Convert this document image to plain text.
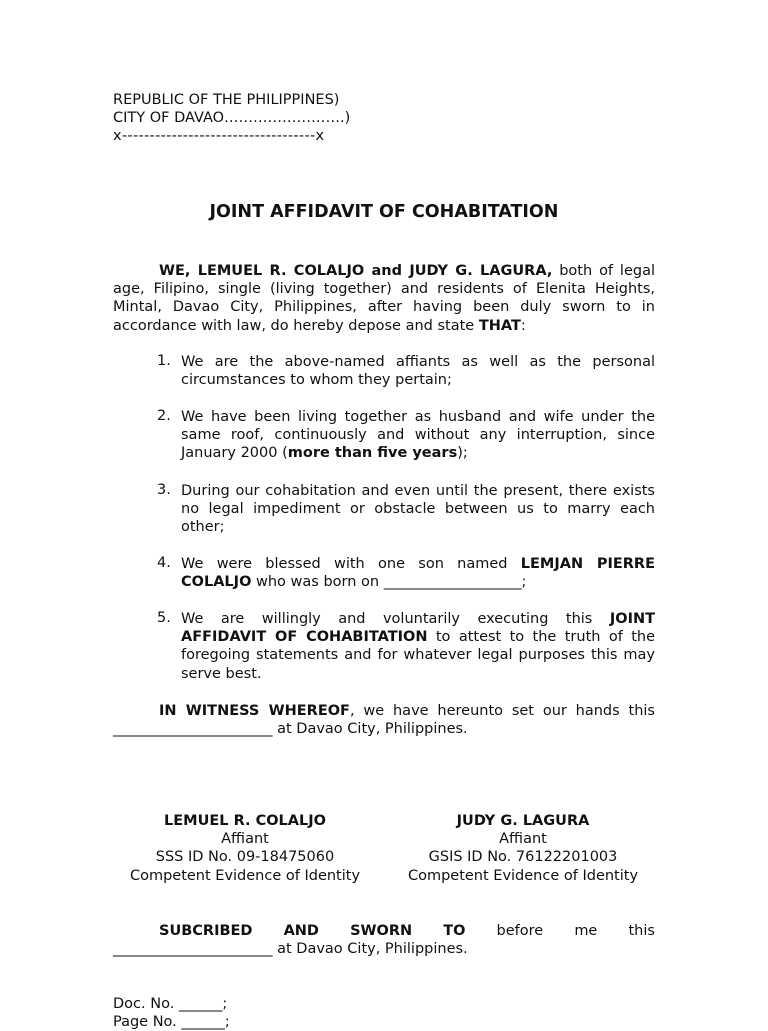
REPUBLIC OF THE PHILIPPINES)
CITY OF DAVAO…………………….)
x-----------------------------------x
JOINT AFFIDAVIT OF COHABITATION
WE, LEMUEL R. COLALJO and JUDY G. LAGURA, both of legal age, Filipino, single (living together) and residents of Elenita Heights, Mintal, Davao City, Philippines, after having been duly sworn to in accordance with law, do hereby depose and state THAT:
1. We are the above-named affiants as well as the personal circumstances to whom they pertain;
2. We have been living together as husband and wife under the same roof, continuously and without any interruption, since January 2000 (more than five years);
3. During our cohabitation and even until the present, there exists no legal impediment or obstacle between us to marry each other;
4. We were blessed with one son named LEMJAN PIERRE COLALJO who was born on ___________________;
5. We are willingly and voluntarily executing this JOINT AFFIDAVIT OF COHABITATION to attest to the truth of the foregoing statements and for whatever legal purposes this may serve best.
IN WITNESS WHEREOF, we have hereunto set our hands this
______________________ at Davao City, Philippines.
LEMUEL R. COLALJO
Affiant
SSS ID No. 09-18475060
Competent Evidence of Identity
JUDY G. LAGURA
Affiant
GSIS ID No. 76122201003
Competent Evidence of Identity
SUBCRIBED AND SWORN TO before me this
______________________ at Davao City, Philippines.
Doc. No. ______;
Page No. ______;
